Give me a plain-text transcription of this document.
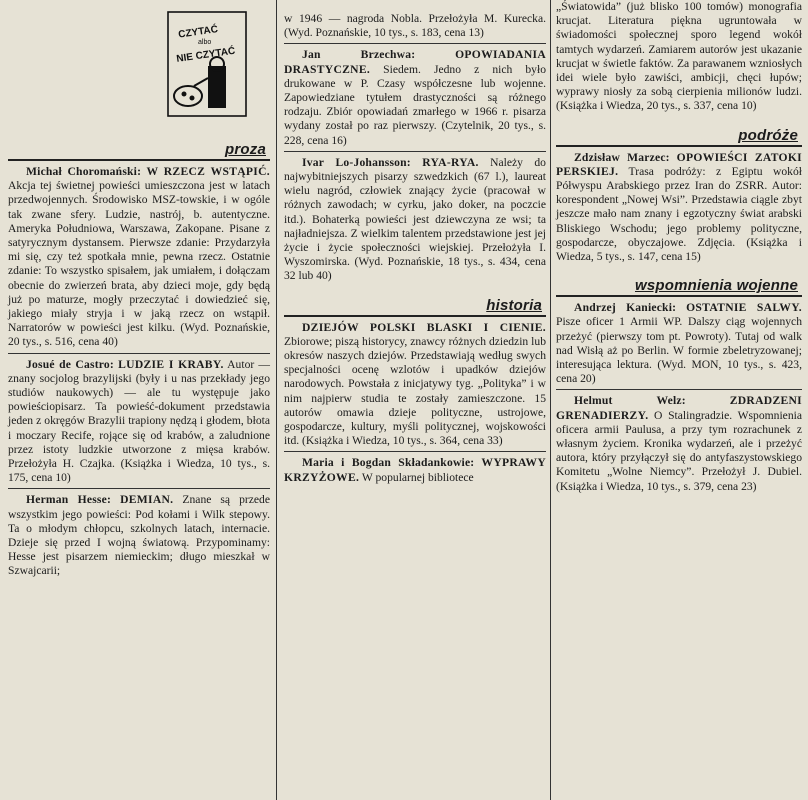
CZYTAĆ
albo
NIE CZYTAĆ
proza

Michał Choromański: W RZECZ WSTĄPIĆ. Akcja tej świetnej powieści umieszczona jest w latach przedwojennych. Środowisko MSZ-towskie, i w ogóle tak zwane sfery. Ludzie, nastrój, b. autentyczne. Ameryka Południowa, Warszawa, Zakopane. Pisane z satyrycznym dystansem. Pierwsze zdanie: Przydarzyła mi się, czy też spotkała mnie, pewna rzecz. Ostatnie zdanie: To wszystko spisałem, jak umiałem, i dołączam obecnie do zwierzeń brata, aby dzieci moje, gdy będą już po maturze, mogły przeczytać i dowiedzieć się, jakiego miały stryja i w jaką rzecz on wstąpił. Narratorów w powieści jest kilku. (Wyd. Poznańskie, 20 tys., s. 516, cena 40)

Josué de Castro: LUDZIE I KRABY. Autor — znany socjolog brazylijski (były i u nas przekłady jego studiów naukowych) — ale tu występuje jako powieściopisarz. Ta powieść-dokument przedstawia jeden z okręgów Brazylii trapiony nędzą i głodem, błota i moczary Recife, rojące się od krabów, a zaludnione przez istoty ludzkie utworzone z mięsa krabów. Przełożyła H. Czajka. (Książka i Wiedza, 10 tys., s. 175, cena 10)

Herman Hesse: DEMIAN. Znane są przede wszystkim jego powieści: Pod kołami i Wilk stepowy. Ta o młodym chłopcu, szkolnych latach, internacie. Dzieje się przed I wojną światową. Przypominamy: Hesse jest pisarzem niemieckim; długo mieszkał w Szwajcarii;

w 1946 — nagroda Nobla. Przełożyła M. Kurecka. (Wyd. Poznańskie, 10 tys., s. 183, cena 13)

Jan Brzechwa:	OPOWIADANIA DRASTYCZNE. Siedem. Jedno z nich było drukowane w P. Czasy współczesne lub wojenne. Zapowiedziane tytułem drastyczności są różnego rodzaju. Zbiór opowiadań zmarłego w 1966 r. pisarza wydany został po raz pierwszy. (Czytelnik, 20 tys., s. 228, cena 16)

Ivar Lo-Johansson: RYA-RYA. Należy do najwybitniejszych pisarzy szwedzkich (67 l.), laureat wielu nagród, człowiek znający życie (pracował w różnych zawodach; w cyrku, jako doker, na poczcie itd.). Bohaterką powieści jest dziewczyna ze wsi; ta najładniejsza. Z wielkim talentem przedstawione jest jej życie i życie społeczności wiejskiej. Przełożyła I. Wyszomirska. (Wyd. Poznańskie, 18 tys., s. 434, cena 32 lub 40)

historia

DZIEJÓW POLSKI BLASKI I CIENIE. Zbiorowe; piszą historycy, znawcy różnych dziedzin lub okresów naszych dziejów. Przedstawiają według swych specjalności ocenę wzlotów i upadków dziejów narodowych. Powstała z inicjatywy tyg. „Polityka” i w nim najpierw studia te zostały zamieszczone. 15 autorów omawia dzieje polityczne, ustrojowe, gospodarcze, kultury, myśli politycznej, wojskowości itd. (Książka i Wiedza, 10 tys., s. 364, cena 33)

Maria i Bogdan Składankowie: WYPRAWY KRZYŻOWE. W popularnej bibliotece

„Światowida” (już blisko 100 tomów) monografia krucjat. Literatura piękna ugruntowała w świadomości społecznej sporo legend wokół tamtych wydarzeń. Zamiarem autorów jest ukazanie krucjat w świetle faktów. Za parawanem wzniosłych idei wiele było zawiści, ambicji, chęci łupów; wyprawy niosły za sobą cierpienia milionów ludzi. (Książka i Wiedza, 20 tys., s. 337, cena 10)

podróże

Zdzisław Marzec: OPOWIEŚCI ZATOKI PERSKIEJ. Trasa podróży: z Egiptu wokół Półwyspu Arabskiego przez Iran do ZSRR. Autor: korespondent „Nowej Wsi”. Przedstawia ciągle zbyt jeszcze mało nam znany i egzotyczny świat arabski Bliskiego Wschodu; jego problemy polityczne, gospodarcze, obyczajowe. Zdjęcia. (Książka i Wiedza, 5 tys., s. 147, cena 15)

wspomnienia wojenne

Andrzej Kaniecki: OSTATNIE SALWY. Pisze oficer 1 Armii WP. Dalszy ciąg wojennych przeżyć (pierwszy tom pt. Powroty). Tutaj od walk nad Wisłą aż po Berlin. W formie zbeletryzowanej; interesująca lektura. (Wyd. MON, 10 tys., s. 423, cena 20)

Helmut Welz:	ZDRADZENI GRENADIERZY. O Stalingradzie. Wspomnienia oficera armii Paulusa, a przy tym rozrachunek z własnym życiem. Kronika wydarzeń, ale i przeżyć autora, który przyłączył się do antyfaszystowskiego Komitetu „Wolne Niemcy”. Przełożył J. Dubiel. (Książka i Wiedza, 10 tys., s. 379, cena 23)
